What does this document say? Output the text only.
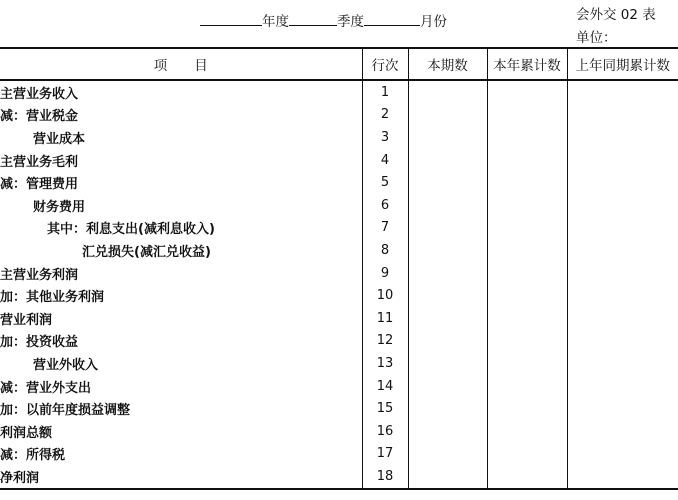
年度	季度	月份	会外交 02 表
单位：
项　　目	行次	本期数	本年累计数	上年同期累计数
主营业务收入	1			
减：营业税金	2			
营业成本	3			
主营业务毛利	4			
减：管理费用	5			
财务费用	6			
其中：利息支出(减利息收入)	7			
汇兑损失(减汇兑收益)	8			
主营业务利润	9			
加：其他业务利润	10			
营业利润	11			
加：投资收益	12			
营业外收入	13			
减：营业外支出	14			
加：以前年度损益调整	15			
利润总额	16			
减：所得税	17			
净利润	18			
